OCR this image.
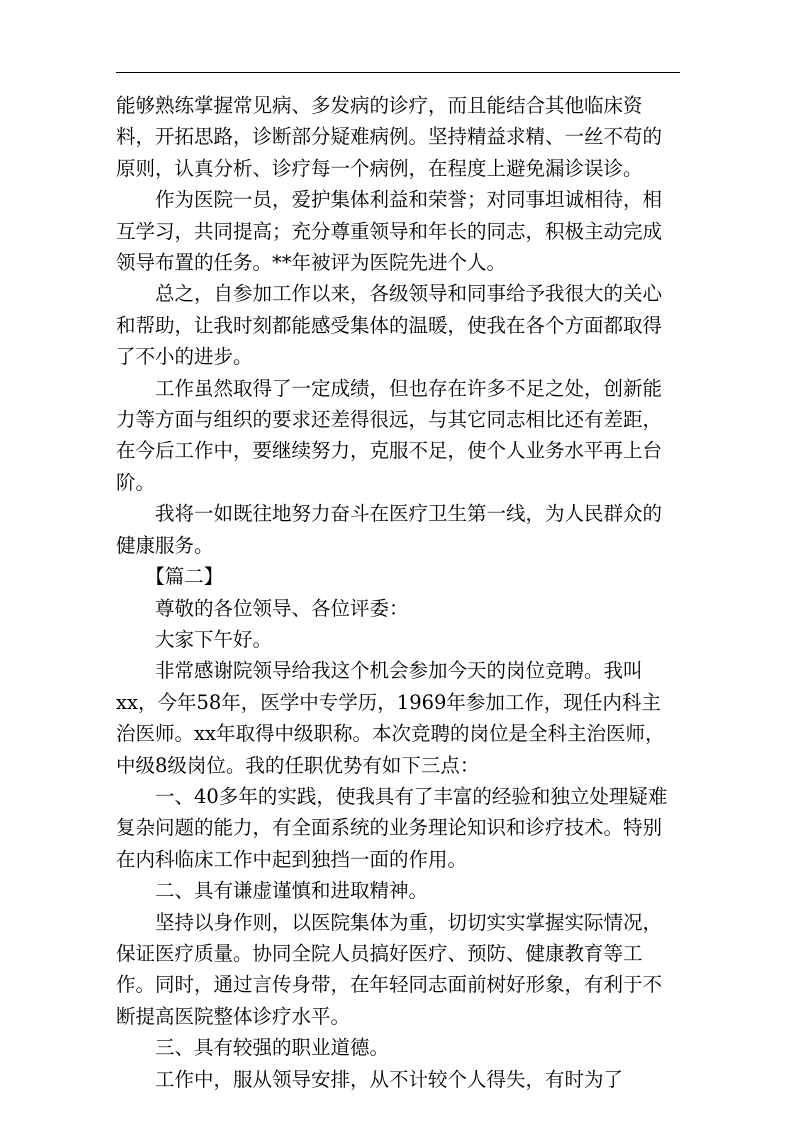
能够熟练掌握常见病、多发病的诊疗，而且能结合其他临床资料，开拓思路，诊断部分疑难病例。坚持精益求精、一丝不苟的原则，认真分析、诊疗每一个病例，在程度上避免漏诊误诊。

作为医院一员，爱护集体利益和荣誉；对同事坦诚相待，相互学习，共同提高；充分尊重领导和年长的同志，积极主动完成领导布置的任务。**年被评为医院先进个人。

总之，自参加工作以来，各级领导和同事给予我很大的关心和帮助，让我时刻都能感受集体的温暖，使我在各个方面都取得了不小的进步。

工作虽然取得了一定成绩，但也存在许多不足之处，创新能力等方面与组织的要求还差得很远，与其它同志相比还有差距，在今后工作中，要继续努力，克服不足，使个人业务水平再上台阶。

我将一如既往地努力奋斗在医疗卫生第一线，为人民群众的健康服务。

【篇二】

尊敬的各位领导、各位评委：

大家下午好。

非常感谢院领导给我这个机会参加今天的岗位竞聘。我叫xx，今年58年，医学中专学历，1969年参加工作，现任内科主治医师。xx年取得中级职称。本次竞聘的岗位是全科主治医师，中级8级岗位。我的任职优势有如下三点：

一、40多年的实践，使我具有了丰富的经验和独立处理疑难复杂问题的能力，有全面系统的业务理论知识和诊疗技术。特别在内科临床工作中起到独挡一面的作用。

二、具有谦虚谨慎和进取精神。

坚持以身作则，以医院集体为重，切切实实掌握实际情况，保证医疗质量。协同全院人员搞好医疗、预防、健康教育等工作。同时，通过言传身带，在年轻同志面前树好形象，有利于不断提高医院整体诊疗水平。

三、具有较强的职业道德。

工作中，服从领导安排，从不计较个人得失，有时为了
